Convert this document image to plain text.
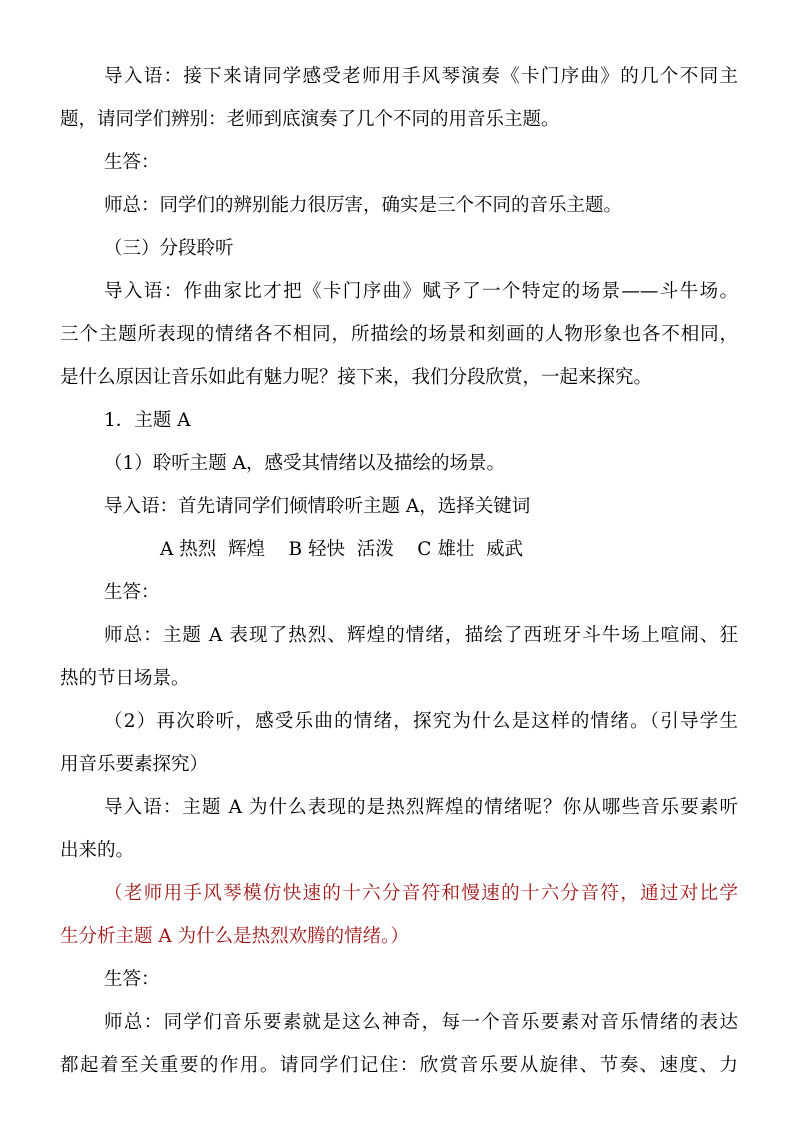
导入语：接下来请同学感受老师用手风琴演奏《卡门序曲》的几个不同主
题，请同学们辨别：老师到底演奏了几个不同的用音乐主题。
生答：
师总：同学们的辨别能力很厉害，确实是三个不同的音乐主题。
（三）分段聆听
导入语：作曲家比才把《卡门序曲》赋予了一个特定的场景——斗牛场。
三个主题所表现的情绪各不相同，所描绘的场景和刻画的人物形象也各不相同，
是什么原因让音乐如此有魅力呢？接下来，我们分段欣赏，一起来探究。
1．主题 A
（1）聆听主题 A，感受其情绪以及描绘的场景。
导入语：首先请同学们倾情聆听主题 A，选择关键词
A 热烈  辉煌    B 轻快  活泼    C 雄壮  威武
生答：
师总：主题 A 表现了热烈、辉煌的情绪，描绘了西班牙斗牛场上喧闹、狂
热的节日场景。
（2）再次聆听，感受乐曲的情绪，探究为什么是这样的情绪。（引导学生
用音乐要素探究）
导入语：主题 A 为什么表现的是热烈辉煌的情绪呢？你从哪些音乐要素听
出来的。
（老师用手风琴模仿快速的十六分音符和慢速的十六分音符，通过对比学
生分析主题 A 为什么是热烈欢腾的情绪。）
生答：
师总：同学们音乐要素就是这么神奇，每一个音乐要素对音乐情绪的表达
都起着至关重要的作用。请同学们记住：欣赏音乐要从旋律、节奏、速度、力
